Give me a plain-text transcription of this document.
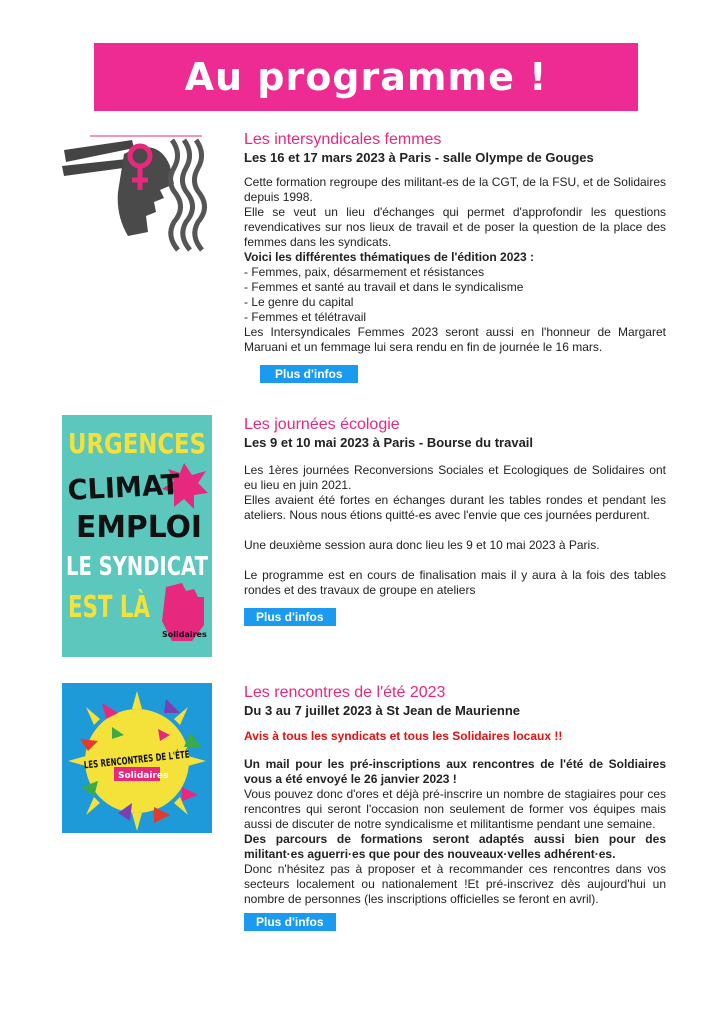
Au programme !
Les intersyndicales femmes
Les 16 et 17 mars 2023 à Paris - salle Olympe de Gouges

Cette formation regroupe des militant-es de la CGT, de la FSU, et de Solidaires depuis 1998.

Elle se veut un lieu d'échanges qui permet d'approfondir les questions revendicatives sur nos lieux de travail et de poser la question de la place des femmes dans les syndicats.

Voici les différentes thématiques de l'édition 2023 :

- Femmes, paix, désarmement et résistances

- Femmes et santé au travail et dans le syndicalisme

- Le genre du capital

- Femmes et télétravail

Les Intersyndicales Femmes 2023 seront aussi en l'honneur de Margaret Maruani et un femmage lui sera rendu en fin de journée le 16 mars.

Plus d'infos
URGENCES
CLIMAT
EMPLOI
LE SYNDICAT
EST LÀ
Solidaires
Les journées écologie
Les 9 et 10 mai 2023 à Paris - Bourse du travail

Les 1ères journées Reconversions Sociales et Ecologiques de Solidaires ont eu lieu en juin 2021.

Elles avaient été fortes en échanges durant les tables rondes et pendant les ateliers. Nous nous étions quitté-es avec l'envie que ces journées perdurent.

Une deuxième session aura donc lieu les 9 et 10 mai 2023 à Paris.

Le programme est en cours de finalisation mais il y aura à la fois des tables rondes et des travaux de groupe en ateliers

Plus d'infos
LES RENCONTRES DE L'ÉTÉ
Solidaires
Les rencontres de l'été 2023
Du 3 au 7 juillet 2023 à St Jean de Maurienne
Avis à tous les syndicats et tous les Solidaires locaux !!

Un mail pour les pré-inscriptions aux rencontres de l'été de Soldiaires vous a été envoyé le 26 janvier 2023 !

Vous pouvez donc d'ores et déjà pré-inscrire un nombre de stagiaires pour ces rencontres qui seront l'occasion non seulement de former vos équipes mais aussi de discuter de notre syndicalisme et militantisme pendant une semaine.

Des parcours de formations seront adaptés aussi bien pour des militant·es aguerri·es que pour des nouveaux·velles adhérent·es.

Donc n'hésitez pas à proposer et à recommander ces rencontres dans vos secteurs localement ou nationalement !Et pré-inscrivez dès aujourd'hui un nombre de personnes (les inscriptions officielles se feront en avril).

Plus d'infos
